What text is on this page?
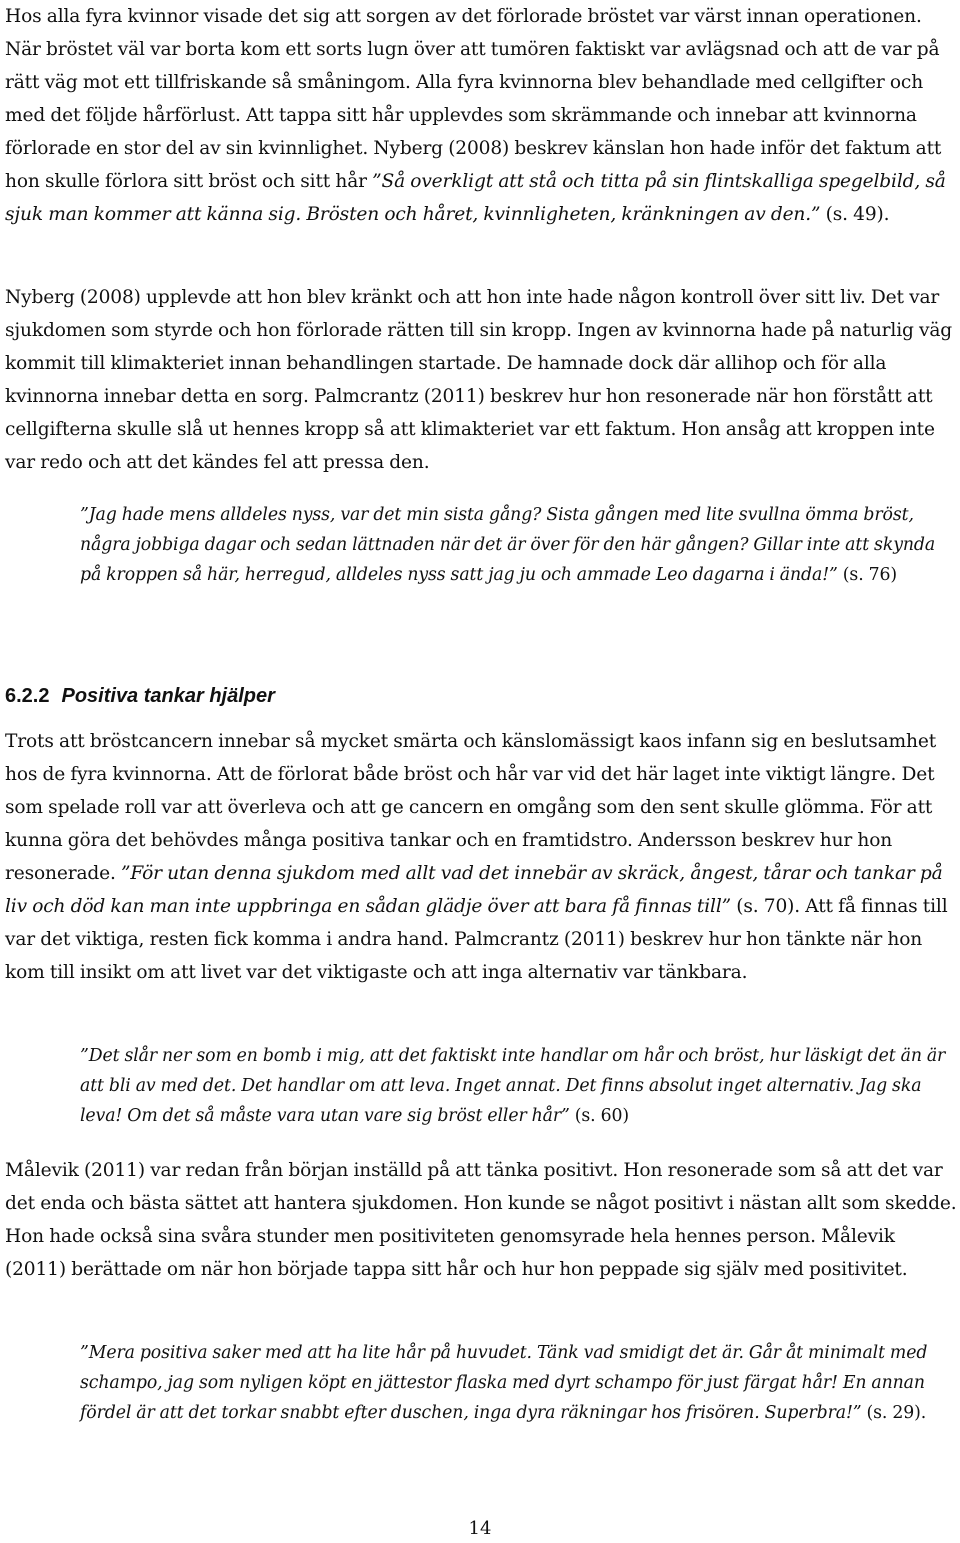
Hos alla fyra kvinnor visade det sig att sorgen av det förlorade bröstet var värst innan operationen. När bröstet väl var borta kom ett sorts lugn över att tumören faktiskt var avlägsnad och att de var på rätt väg mot ett tillfriskande så småningom. Alla fyra kvinnorna blev behandlade med cellgifter och med det följde hårförlust. Att tappa sitt hår upplevdes som skrämmande och innebar att kvinnorna förlorade en stor del av sin kvinnlighet. Nyberg (2008) beskrev känslan hon hade inför det faktum att hon skulle förlora sitt bröst och sitt hår ”Så overkligt att stå och titta på sin flintskalliga spegelbild, så sjuk man kommer att känna sig. Brösten och håret, kvinnligheten, kränkningen av den.” (s. 49).

Nyberg (2008) upplevde att hon blev kränkt och att hon inte hade någon kontroll över sitt liv. Det var sjukdomen som styrde och hon förlorade rätten till sin kropp. Ingen av kvinnorna hade på naturlig väg kommit till klimakteriet innan behandlingen startade. De hamnade dock där allihop och för alla kvinnorna innebar detta en sorg. Palmcrantz (2011) beskrev hur hon resonerade när hon förstått att cellgifterna skulle slå ut hennes kropp så att klimakteriet var ett faktum. Hon ansåg att kroppen inte var redo och att det kändes fel att pressa den.

”Jag hade mens alldeles nyss, var det min sista gång? Sista gången med lite svullna ömma bröst, några jobbiga dagar och sedan lättnaden när det är över för den här gången? Gillar inte att skynda på kroppen så här, herregud, alldeles nyss satt jag ju och ammade Leo dagarna i ända!” (s. 76)

6.2.2 Positiva tankar hjälper

Trots att bröstcancern innebar så mycket smärta och känslomässigt kaos infann sig en beslutsamhet hos de fyra kvinnorna. Att de förlorat både bröst och hår var vid det här laget inte viktigt längre. Det som spelade roll var att överleva och att ge cancern en omgång som den sent skulle glömma. För att kunna göra det behövdes många positiva tankar och en framtidstro. Andersson beskrev hur hon resonerade. ”För utan denna sjukdom med allt vad det innebär av skräck, ångest, tårar och tankar på liv och död kan man inte uppbringa en sådan glädje över att bara få finnas till” (s. 70). Att få finnas till var det viktiga, resten fick komma i andra hand. Palmcrantz (2011) beskrev hur hon tänkte när hon kom till insikt om att livet var det viktigaste och att inga alternativ var tänkbara.

”Det slår ner som en bomb i mig, att det faktiskt inte handlar om hår och bröst, hur läskigt det än är att bli av med det. Det handlar om att leva. Inget annat. Det finns absolut inget alternativ. Jag ska leva! Om det så måste vara utan vare sig bröst eller hår” (s. 60)

Målevik (2011) var redan från början inställd på att tänka positivt. Hon resonerade som så att det var det enda och bästa sättet att hantera sjukdomen. Hon kunde se något positivt i nästan allt som skedde. Hon hade också sina svåra stunder men positiviteten genomsyrade hela hennes person. Målevik (2011) berättade om när hon började tappa sitt hår och hur hon peppade sig själv med positivitet.

”Mera positiva saker med att ha lite hår på huvudet. Tänk vad smidigt det är. Går åt minimalt med schampo, jag som nyligen köpt en jättestor flaska med dyrt schampo för just färgat hår! En annan fördel är att det torkar snabbt efter duschen, inga dyra räkningar hos frisören. Superbra!” (s. 29).

14
